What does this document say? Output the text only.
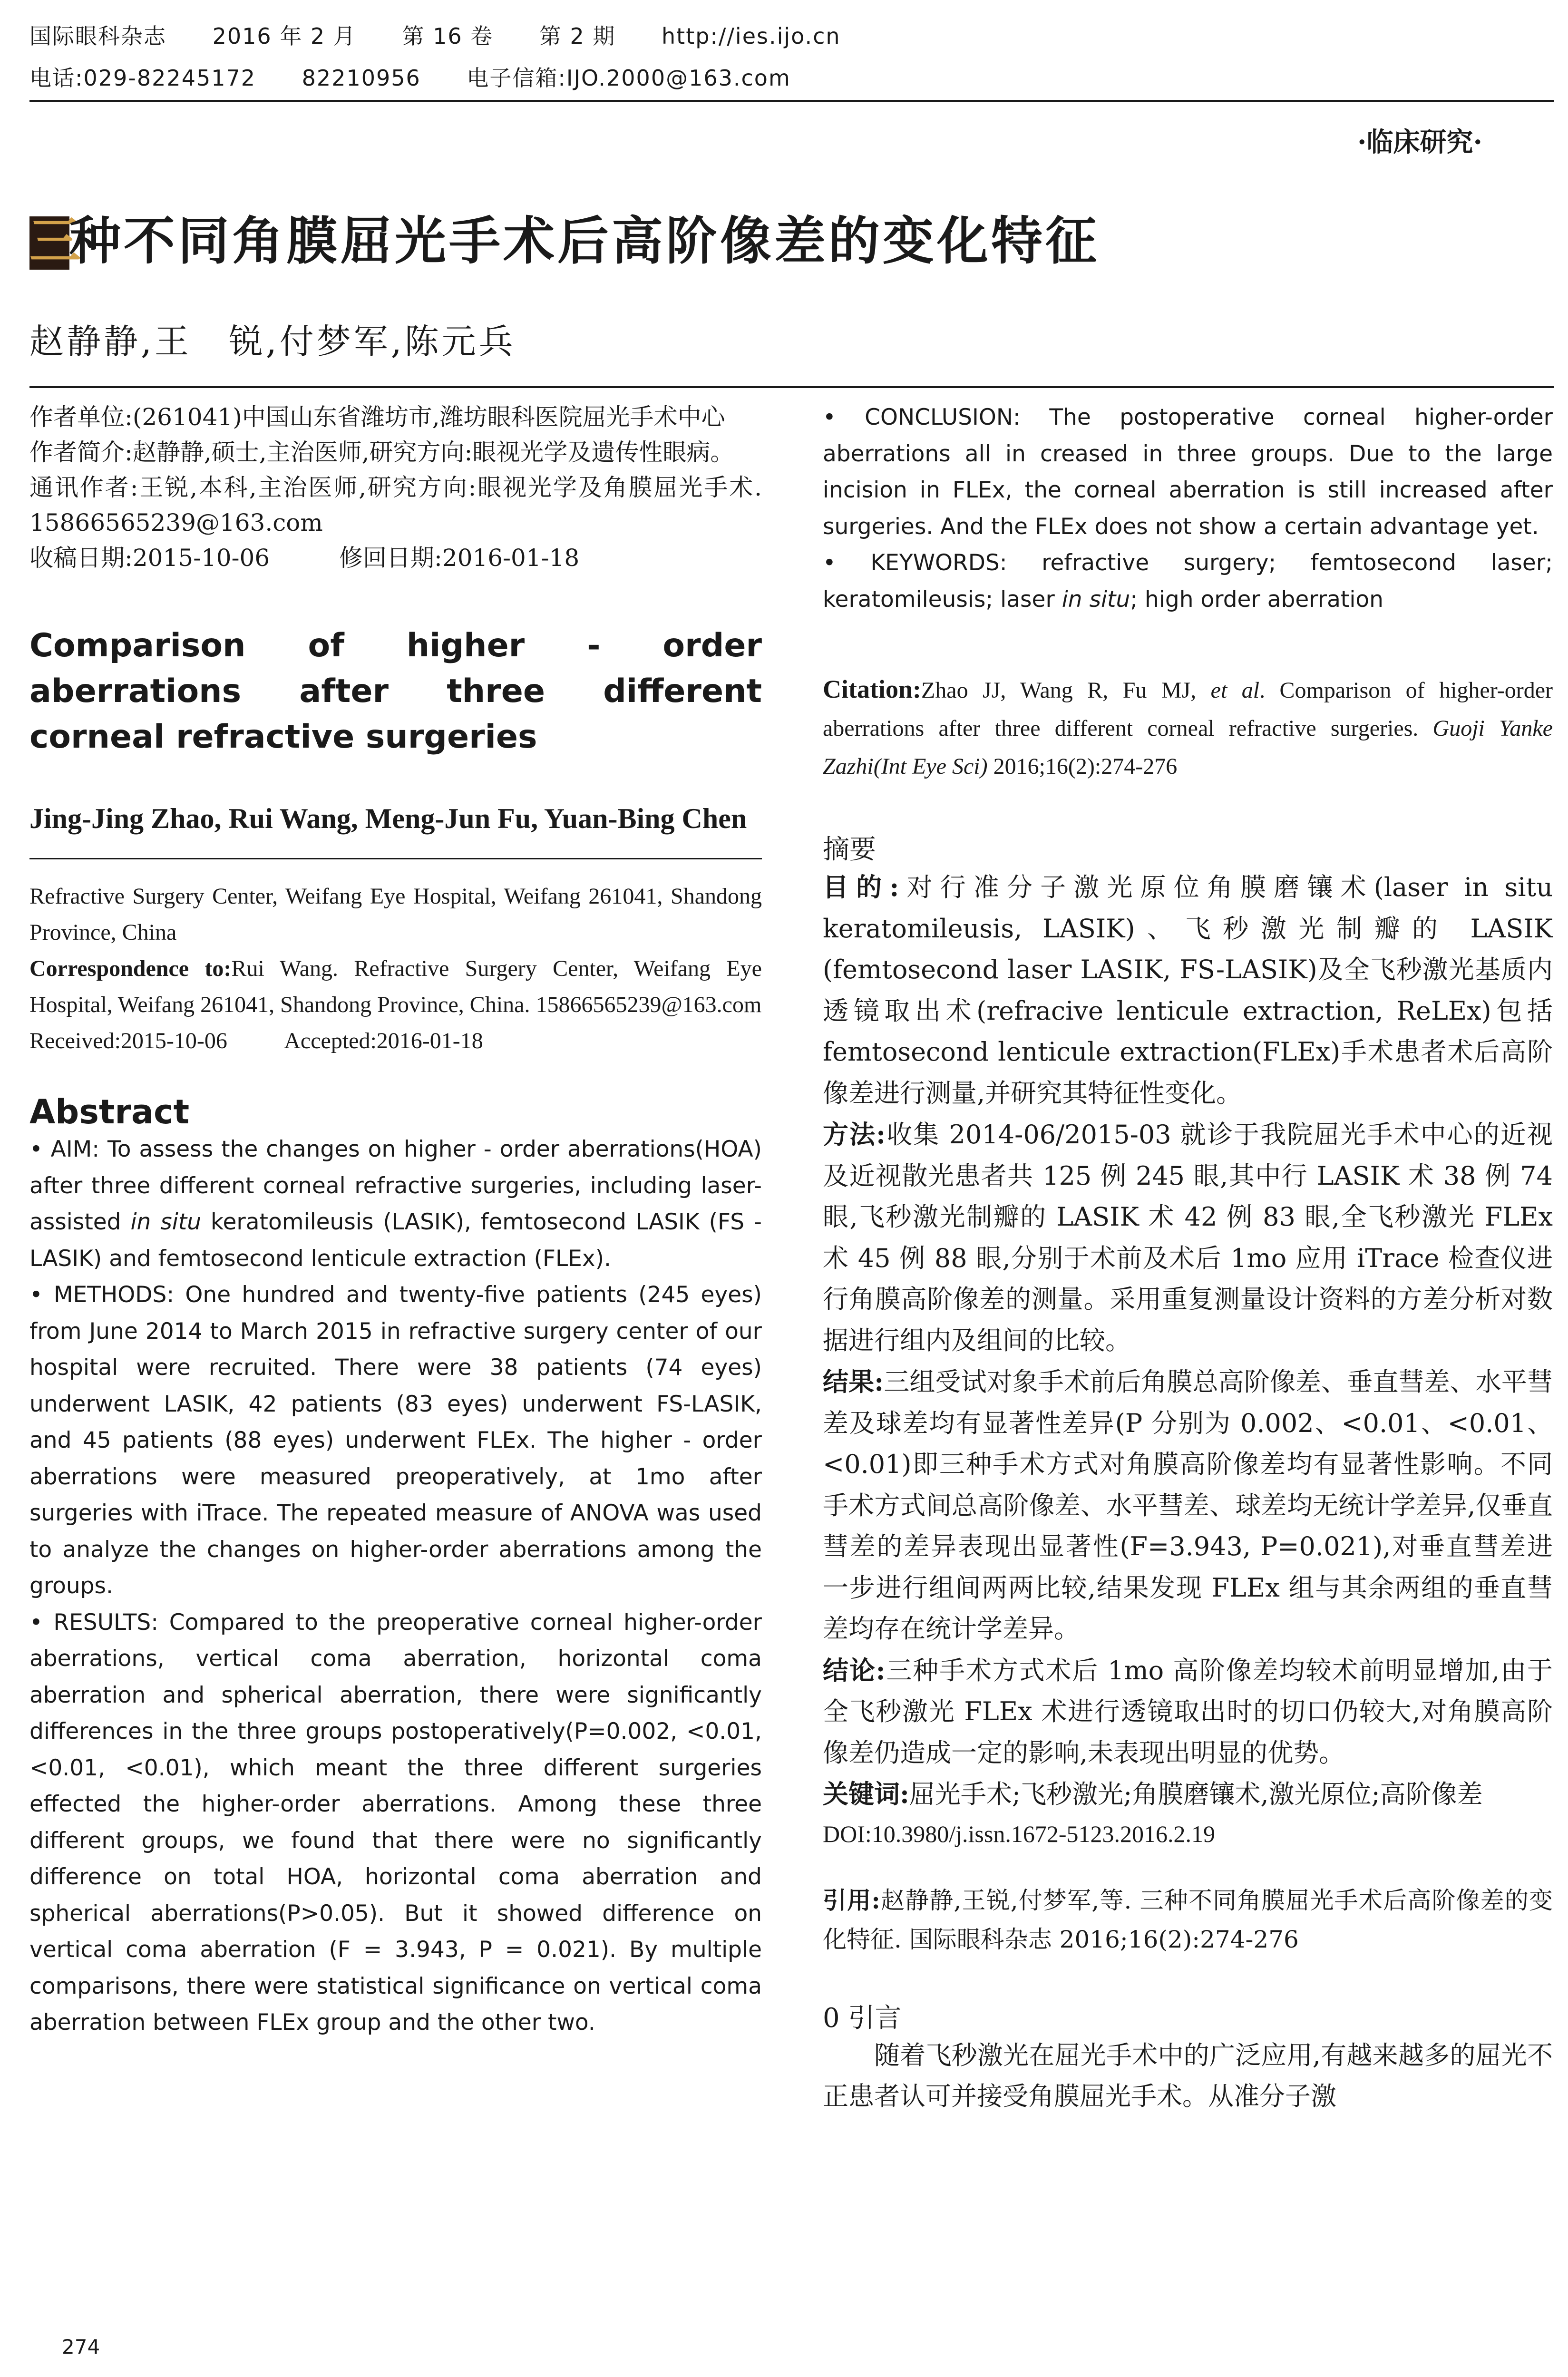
国际眼科杂志 2016 年 2 月 第 16 卷 第 2 期 http://ies.ijo.cn
电话:029-82245172 82210956 电子信箱:IJO.2000@163.com
·临床研究·
三种不同角膜屈光手术后高阶像差的变化特征
赵静静,王　锐,付梦军,陈元兵

作者单位:(261041)中国山东省潍坊市,潍坊眼科医院屈光手术中心

作者简介:赵静静,硕士,主治医师,研究方向:眼视光学及遗传性眼病。

通讯作者:王锐,本科,主治医师,研究方向:眼视光学及角膜屈光手术. 15866565239@163.com

收稿日期:2015-10-06	修回日期:2016-01-18

Comparison of higher - order aberrations after three different corneal refractive surgeries
Jing-Jing Zhao, Rui Wang, Meng-Jun Fu, Yuan-Bing Chen

Refractive Surgery Center, Weifang Eye Hospital, Weifang 261041, Shandong Province, China

Correspondence to:Rui Wang. Refractive Surgery Center, Weifang Eye Hospital, Weifang 261041, Shandong Province, China. 15866565239@163.com

Received:2015-10-06 Accepted:2016-01-18

Abstract

• AIM: To assess the changes on higher - order aberrations(HOA) after three different corneal refractive surgeries, including laser-assisted in situ keratomileusis (LASIK), femtosecond LASIK (FS - LASIK) and femtosecond lenticule extraction (FLEx).

• METHODS: One hundred and twenty-five patients (245 eyes) from June 2014 to March 2015 in refractive surgery center of our hospital were recruited. There were 38 patients (74 eyes) underwent LASIK, 42 patients (83 eyes) underwent FS-LASIK, and 45 patients (88 eyes) underwent FLEx. The higher - order aberrations were measured preoperatively, at 1mo after surgeries with iTrace. The repeated measure of ANOVA was used to analyze the changes on higher-order aberrations among the groups.

• RESULTS: Compared to the preoperative corneal higher-order aberrations, vertical coma aberration, horizontal coma aberration and spherical aberration, there were significantly differences in the three groups postoperatively(P=0.002, <0.01, <0.01, <0.01), which meant the three different surgeries effected the higher-order aberrations. Among these three different groups, we found that there were no significantly difference on total HOA, horizontal coma aberration and spherical aberrations(P>0.05). But it showed difference on vertical coma aberration (F = 3.943, P = 0.021). By multiple comparisons, there were statistical significance on vertical coma aberration between FLEx group and the other two.

274

• CONCLUSION: The postoperative corneal higher-order aberrations all in creased in three groups. Due to the large incision in FLEx, the corneal aberration is still increased after surgeries. And the FLEx does not show a certain advantage yet.

• KEYWORDS: refractive surgery; femtosecond laser; keratomileusis; laser in situ; high order aberration

Citation:Zhao JJ, Wang R, Fu MJ, et al. Comparison of higher-order aberrations after three different corneal refractive surgeries. Guoji Yanke Zazhi(Int Eye Sci) 2016;16(2):274-276
摘要

目的:对行准分子激光原位角膜磨镶术(laser in situ keratomileusis, LASIK)、飞秒激光制瓣的 LASIK (femtosecond laser LASIK, FS-LASIK)及全飞秒激光基质内透镜取出术(refracive lenticule extraction, ReLEx)包括 femtosecond lenticule extraction(FLEx)手术患者术后高阶像差进行测量,并研究其特征性变化。

方法:收集 2014-06/2015-03 就诊于我院屈光手术中心的近视及近视散光患者共 125 例 245 眼,其中行 LASIK 术 38 例 74 眼,飞秒激光制瓣的 LASIK 术 42 例 83 眼,全飞秒激光 FLEx 术 45 例 88 眼,分别于术前及术后 1mo 应用 iTrace 检查仪进行角膜高阶像差的测量。采用重复测量设计资料的方差分析对数据进行组内及组间的比较。

结果:三组受试对象手术前后角膜总高阶像差、垂直彗差、水平彗差及球差均有显著性差异(P 分别为 0.002、<0.01、<0.01、<0.01)即三种手术方式对角膜高阶像差均有显著性影响。不同手术方式间总高阶像差、水平彗差、球差均无统计学差异,仅垂直彗差的差异表现出显著性(F=3.943, P=0.021),对垂直彗差进一步进行组间两两比较,结果发现 FLEx 组与其余两组的垂直彗差均存在统计学差异。

结论:三种手术方式术后 1mo 高阶像差均较术前明显增加,由于全飞秒激光 FLEx 术进行透镜取出时的切口仍较大,对角膜高阶像差仍造成一定的影响,未表现出明显的优势。

关键词:屈光手术;飞秒激光;角膜磨镶术,激光原位;高阶像差

DOI:10.3980/j.issn.1672-5123.2016.2.19
引用:赵静静,王锐,付梦军,等. 三种不同角膜屈光手术后高阶像差的变化特征. 国际眼科杂志 2016;16(2):274-276
0 引言
随着飞秒激光在屈光手术中的广泛应用,有越来越多的屈光不正患者认可并接受角膜屈光手术。从准分子激
